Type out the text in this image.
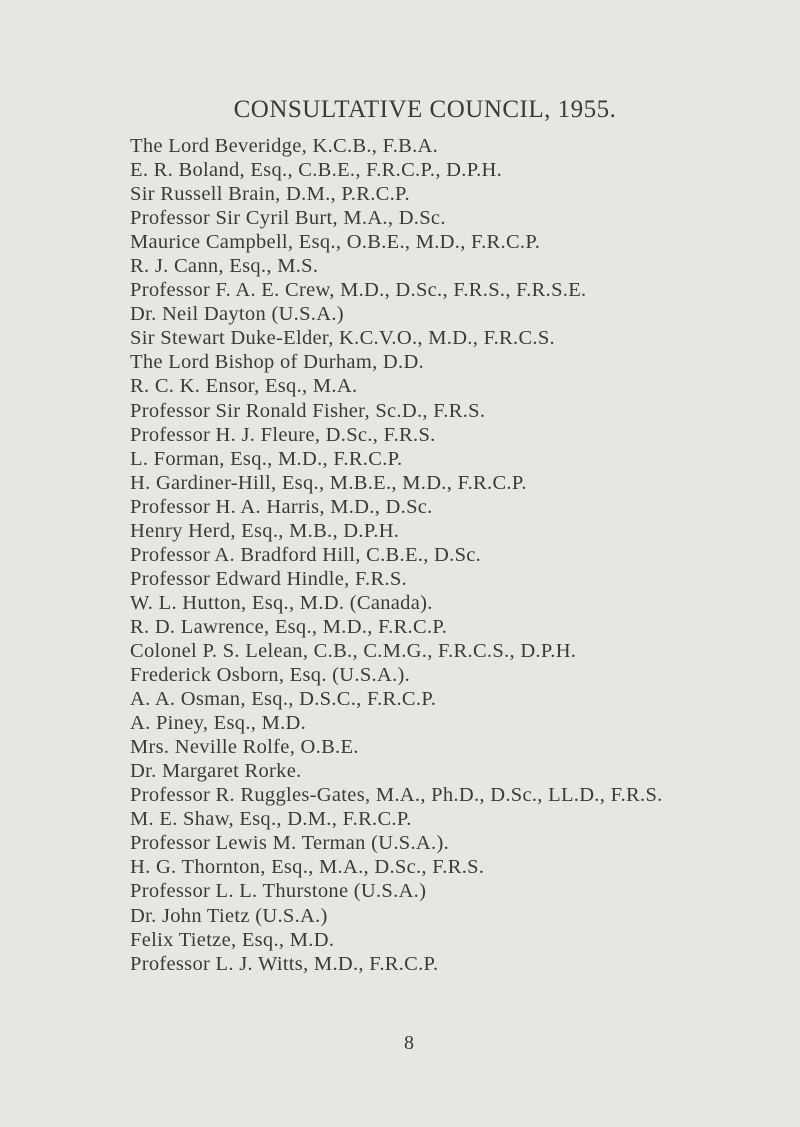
CONSULTATIVE COUNCIL, 1955.
The Lord Beveridge, K.C.B., F.B.A.
E. R. Boland, Esq., C.B.E., F.R.C.P., D.P.H.
Sir Russell Brain, D.M., P.R.C.P.
Professor Sir Cyril Burt, M.A., D.Sc.
Maurice Campbell, Esq., O.B.E., M.D., F.R.C.P.
R. J. Cann, Esq., M.S.
Professor F. A. E. Crew, M.D., D.Sc., F.R.S., F.R.S.E.
Dr. Neil Dayton (U.S.A.)
Sir Stewart Duke-Elder, K.C.V.O., M.D., F.R.C.S.
The Lord Bishop of Durham, D.D.
R. C. K. Ensor, Esq., M.A.
Professor Sir Ronald Fisher, Sc.D., F.R.S.
Professor H. J. Fleure, D.Sc., F.R.S.
L. Forman, Esq., M.D., F.R.C.P.
H. Gardiner-Hill, Esq., M.B.E., M.D., F.R.C.P.
Professor H. A. Harris, M.D., D.Sc.
Henry Herd, Esq., M.B., D.P.H.
Professor A. Bradford Hill, C.B.E., D.Sc.
Professor Edward Hindle, F.R.S.
W. L. Hutton, Esq., M.D. (Canada).
R. D. Lawrence, Esq., M.D., F.R.C.P.
Colonel P. S. Lelean, C.B., C.M.G., F.R.C.S., D.P.H.
Frederick Osborn, Esq. (U.S.A.).
A. A. Osman, Esq., D.S.C., F.R.C.P.
A. Piney, Esq., M.D.
Mrs. Neville Rolfe, O.B.E.
Dr. Margaret Rorke.
Professor R. Ruggles-Gates, M.A., Ph.D., D.Sc., LL.D., F.R.S.
M. E. Shaw, Esq., D.M., F.R.C.P.
Professor Lewis M. Terman (U.S.A.).
H. G. Thornton, Esq., M.A., D.Sc., F.R.S.
Professor L. L. Thurstone (U.S.A.)
Dr. John Tietz (U.S.A.)
Felix Tietze, Esq., M.D.
Professor L. J. Witts, M.D., F.R.C.P.
8
